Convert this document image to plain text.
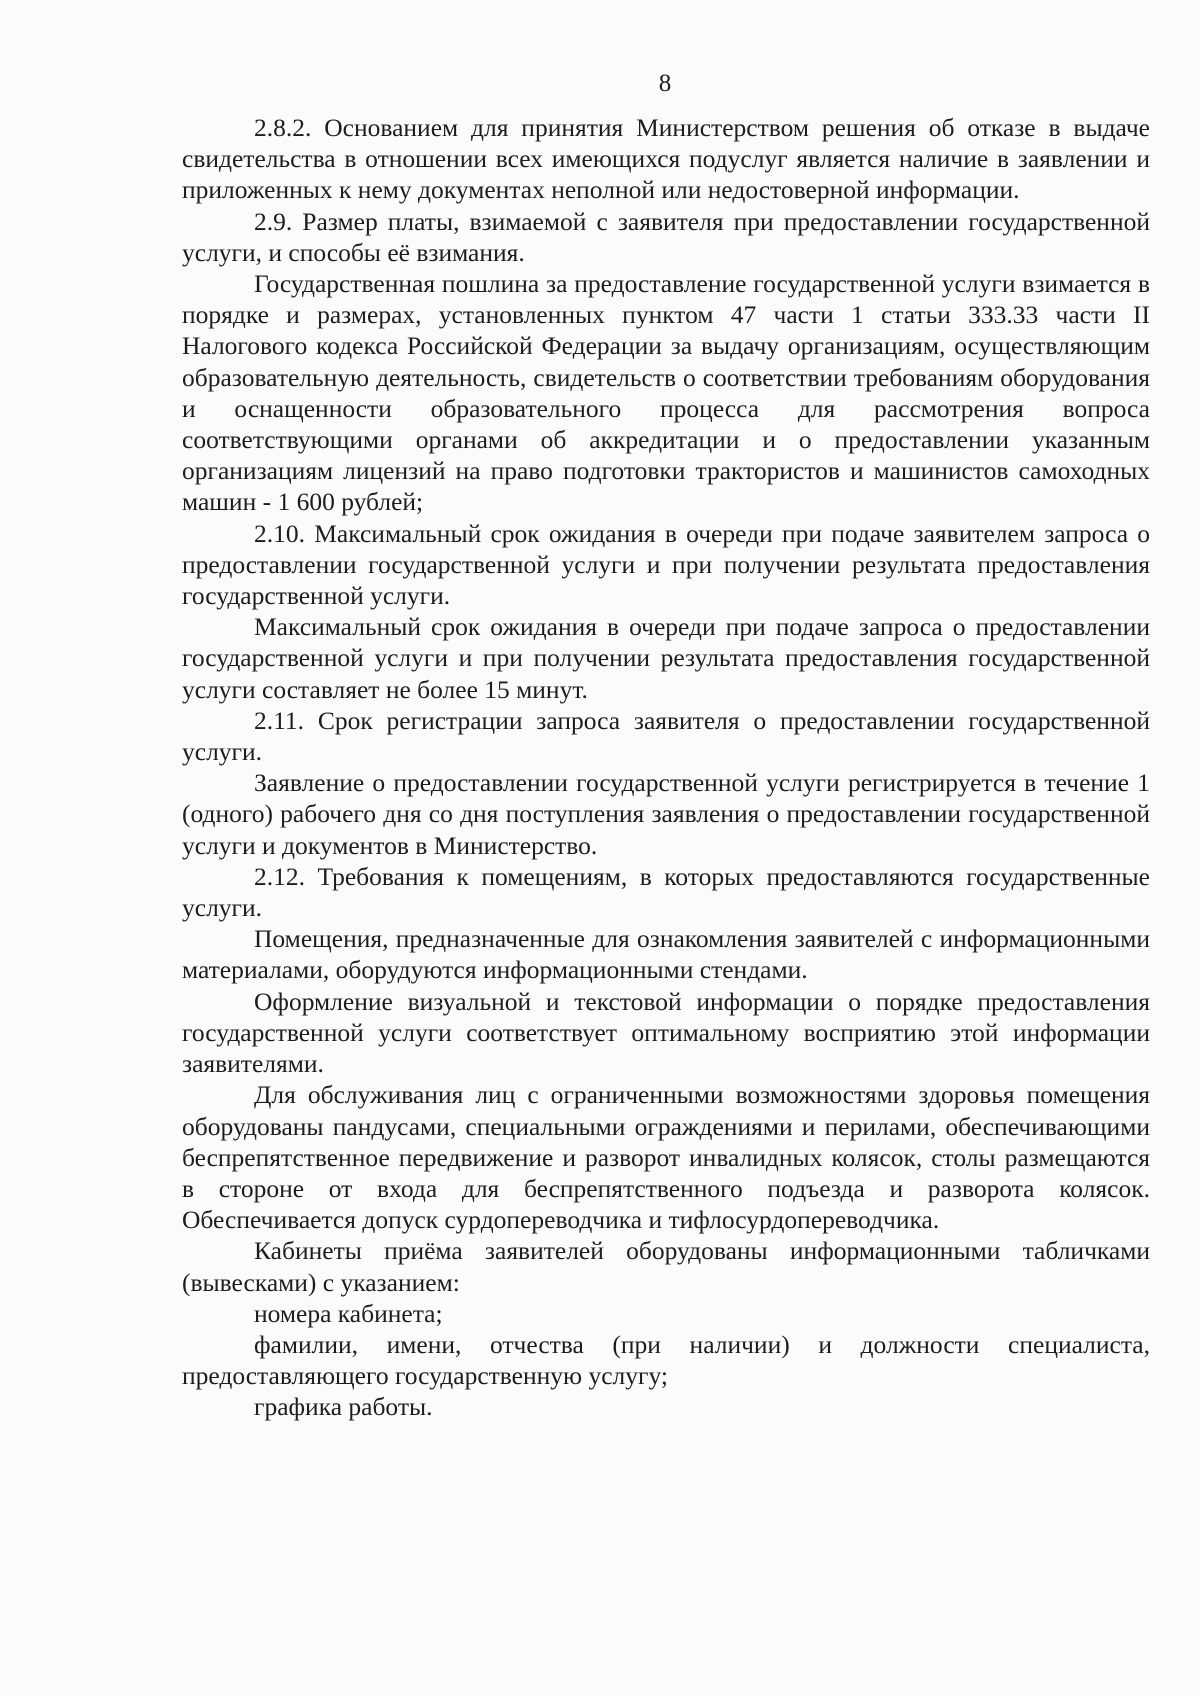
8

2.8.2. Основанием для принятия Министерством решения об отказе в выдаче свидетельства в отношении всех имеющихся подуслуг является наличие в заявлении и приложенных к нему документах неполной или недостоверной информации.

2.9. Размер платы, взимаемой с заявителя при предоставлении государственной услуги, и способы её взимания.

Государственная пошлина за предоставление государственной услуги взимается в порядке и размерах, установленных пунктом 47 части 1 статьи 333.33 части II Налогового кодекса Российской Федерации за выдачу организациям, осуществляющим образовательную деятельность, свидетельств о соответствии требованиям оборудования и оснащенности образовательного процесса для рассмотрения вопроса соответствующими органами об аккредитации и о предоставлении указанным организациям лицензий на право подготовки трактористов и машинистов самоходных машин - 1 600 рублей;

2.10. Максимальный срок ожидания в очереди при подаче заявителем запроса о предоставлении государственной услуги и при получении результата предоставления государственной услуги.

Максимальный срок ожидания в очереди при подаче запроса о предоставлении государственной услуги и при получении результата предоставления государственной услуги составляет не более 15 минут.

2.11. Срок регистрации запроса заявителя о предоставлении государственной услуги.

Заявление о предоставлении государственной услуги регистрируется в течение 1 (одного) рабочего дня со дня поступления заявления о предоставлении государственной услуги и документов в Министерство.

2.12. Требования к помещениям, в которых предоставляются государственные услуги.

Помещения, предназначенные для ознакомления заявителей с информационными материалами, оборудуются информационными стендами.

Оформление визуальной и текстовой информации о порядке предоставления государственной услуги соответствует оптимальному восприятию этой информации заявителями.

Для обслуживания лиц с ограниченными возможностями здоровья помещения оборудованы пандусами, специальными ограждениями и перилами, обеспечивающими беспрепятственное передвижение и разворот инвалидных колясок, столы размещаются в стороне от входа для беспрепятственного подъезда и разворота колясок. Обеспечивается допуск сурдопереводчика и тифлосурдопереводчика.

Кабинеты приёма заявителей оборудованы информационными табличками (вывесками) с указанием:

номера кабинета;

фамилии, имени, отчества (при наличии) и должности специалиста, предоставляющего государственную услугу;

графика работы.
